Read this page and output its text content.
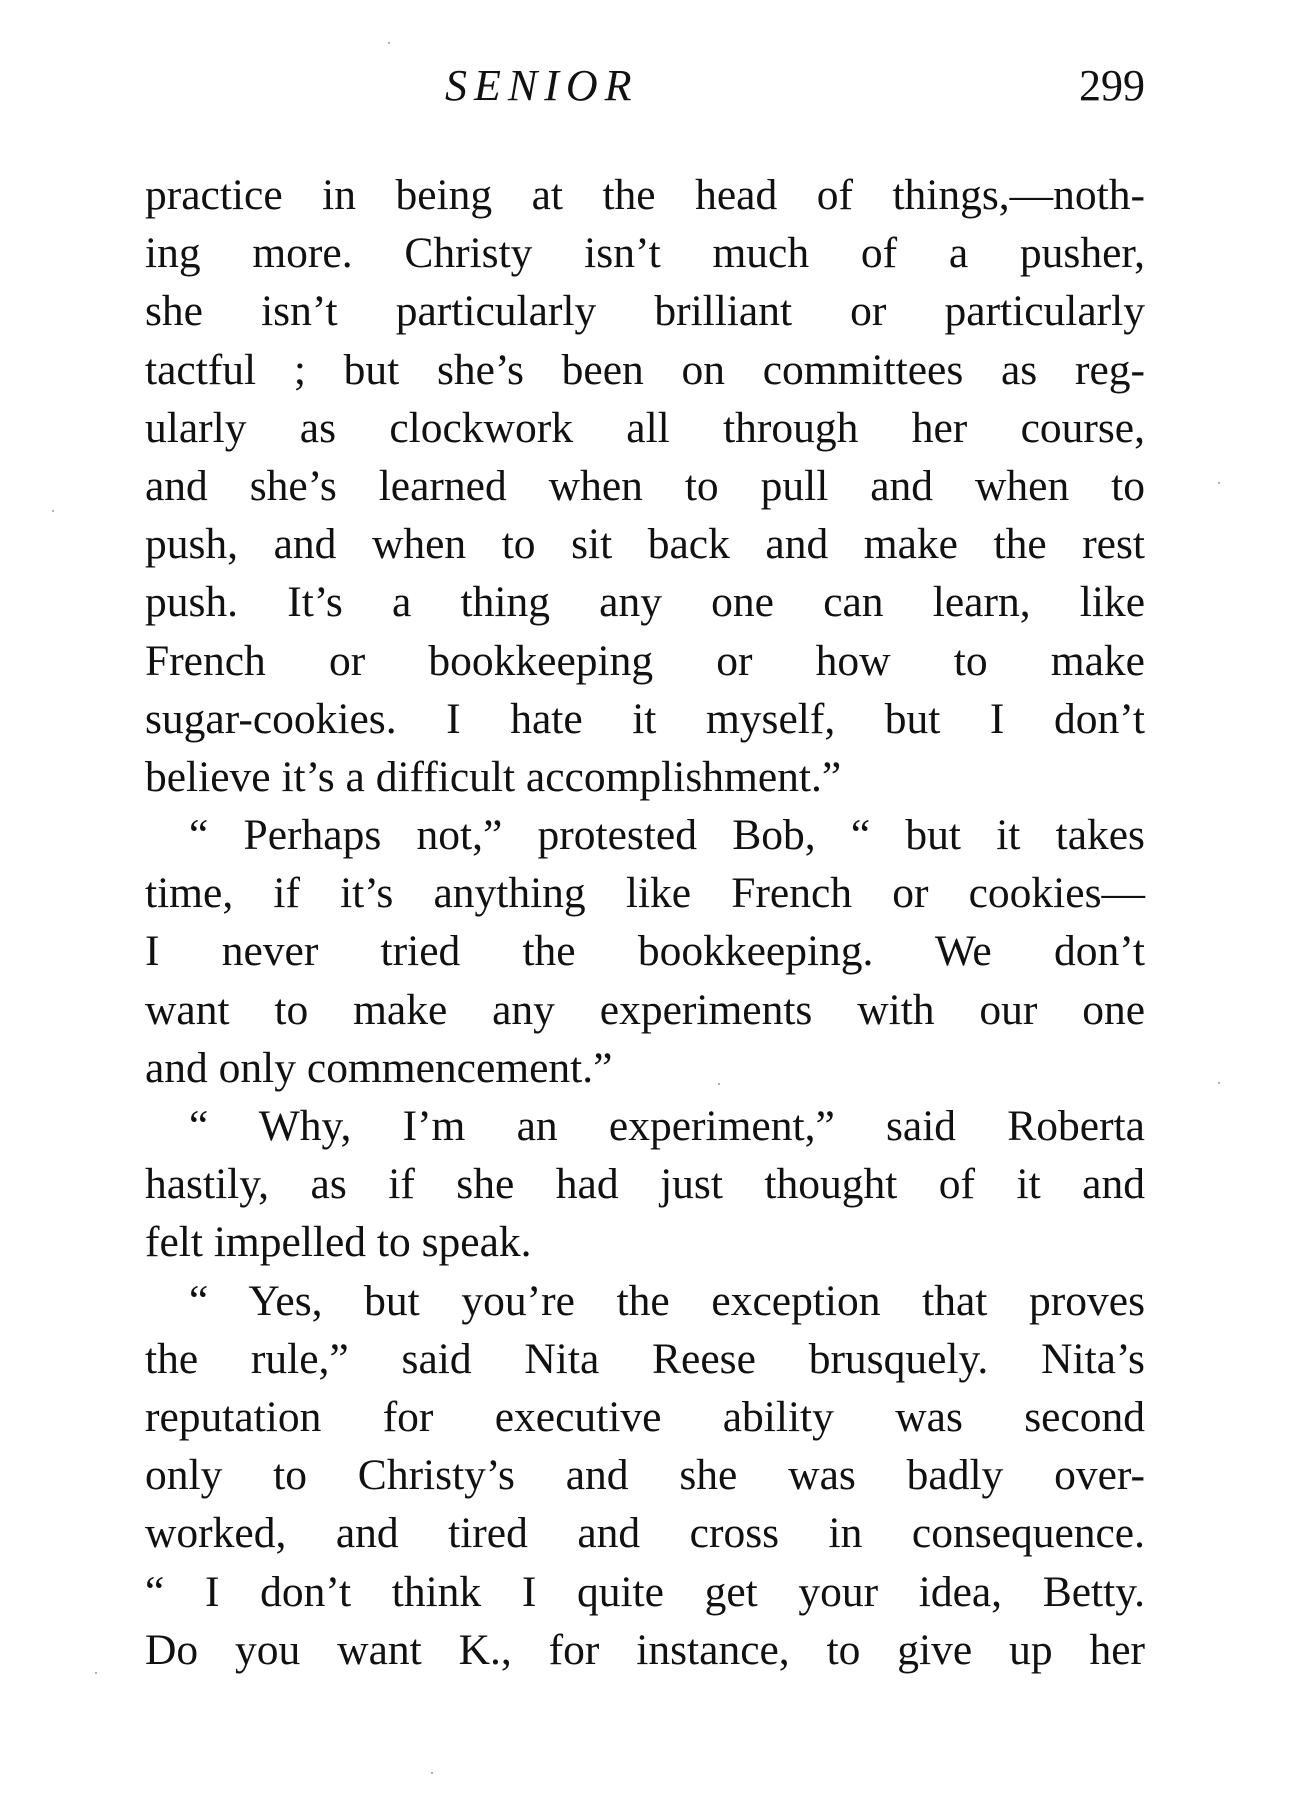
SENIOR	299
practice in being at the head of things,—noth-
ing more. Christy isn’t much of a pusher,
she isn’t particularly brilliant or particularly
tactful ; but she’s been on committees as reg-
ularly as clockwork all through her course,
and she’s learned when to pull and when to
push, and when to sit back and make the rest
push. It’s a thing any one can learn, like
French or bookkeeping or how to make
sugar-cookies. I hate it myself, but I don’t
believe it’s a difficult accomplishment.”
“ Perhaps not,” protested Bob, “ but it takes
time, if it’s anything like French or cookies—
I never tried the bookkeeping. We don’t
want to make any experiments with our one
and only commencement.”
“ Why, I’m an experiment,” said Roberta
hastily, as if she had just thought of it and
felt impelled to speak.
“ Yes, but you’re the exception that proves
the rule,” said Nita Reese brusquely. Nita’s
reputation for executive ability was second
only to Christy’s and she was badly over-
worked, and tired and cross in consequence.
“ I don’t think I quite get your idea, Betty.
Do you want K., for instance, to give up her
